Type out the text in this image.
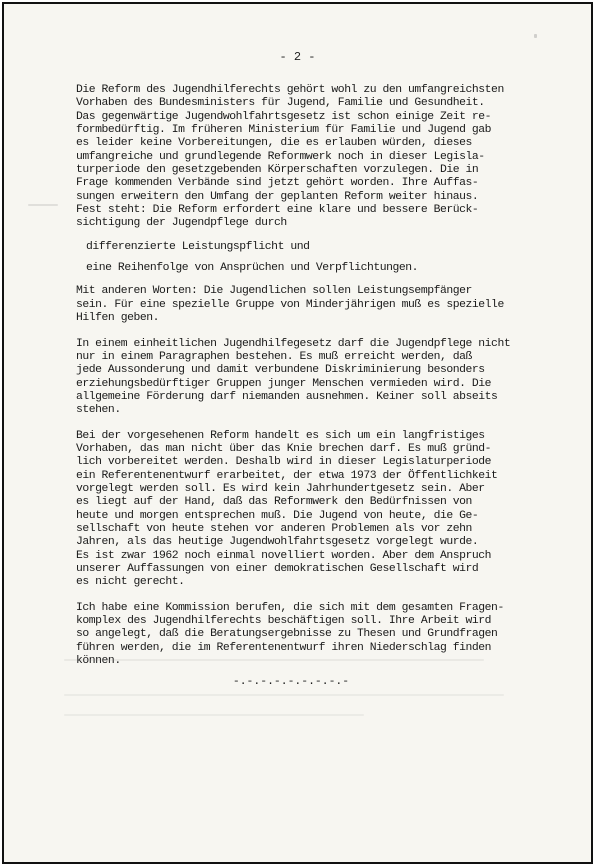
- 2 -

Die Reform des Jugendhilferechts gehört wohl zu den umfangreichsten
Vorhaben des Bundesministers für Jugend, Familie und Gesundheit.
Das gegenwärtige Jugendwohlfahrtsgesetz ist schon einige Zeit re-
formbedürftig. Im früheren Ministerium für Familie und Jugend gab
es leider keine Vorbereitungen, die es erlauben würden, dieses
umfangreiche und grundlegende Reformwerk noch in dieser Legisla-
turperiode den gesetzgebenden Körperschaften vorzulegen. Die in
Frage kommenden Verbände sind jetzt gehört worden. Ihre Auffas-
sungen erweitern den Umfang der geplanten Reform weiter hinaus.
Fest steht: Die Reform erfordert eine klare und bessere Berück-
sichtigung der Jugendpflege durch

differenzierte Leistungspflicht und

eine Reihenfolge von Ansprüchen und Verpflichtungen.

Mit anderen Worten: Die Jugendlichen sollen Leistungsempfänger
sein. Für eine spezielle Gruppe von Minderjährigen muß es spezielle
Hilfen geben.

In einem einheitlichen Jugendhilfegesetz darf die Jugendpflege nicht
nur in einem Paragraphen bestehen. Es muß erreicht werden, daß
jede Aussonderung und damit verbundene Diskriminierung besonders
erziehungsbedürftiger Gruppen junger Menschen vermieden wird. Die
allgemeine Förderung darf niemanden ausnehmen. Keiner soll abseits
stehen.

Bei der vorgesehenen Reform handelt es sich um ein langfristiges
Vorhaben, das man nicht über das Knie brechen darf. Es muß gründ-
lich vorbereitet werden. Deshalb wird in dieser Legislaturperiode
ein Referentenentwurf erarbeitet, der etwa 1973 der Öffentlichkeit
vorgelegt werden soll. Es wird kein Jahrhundertgesetz sein. Aber
es liegt auf der Hand, daß das Reformwerk den Bedürfnissen von
heute und morgen entsprechen muß. Die Jugend von heute, die Ge-
sellschaft von heute stehen vor anderen Problemen als vor zehn
Jahren, als das heutige Jugendwohlfahrtsgesetz vorgelegt wurde.
Es ist zwar 1962 noch einmal novelliert worden. Aber dem Anspruch
unserer Auffassungen von einer demokratischen Gesellschaft wird
es nicht gerecht.

Ich habe eine Kommission berufen, die sich mit dem gesamten Fragen-
komplex des Jugendhilferechts beschäftigen soll. Ihre Arbeit wird
so angelegt, daß die Beratungsergebnisse zu Thesen und Grundfragen
führen werden, die im Referentenentwurf ihren Niederschlag finden
können.

-.-.-.-.-.-.-.-.-
